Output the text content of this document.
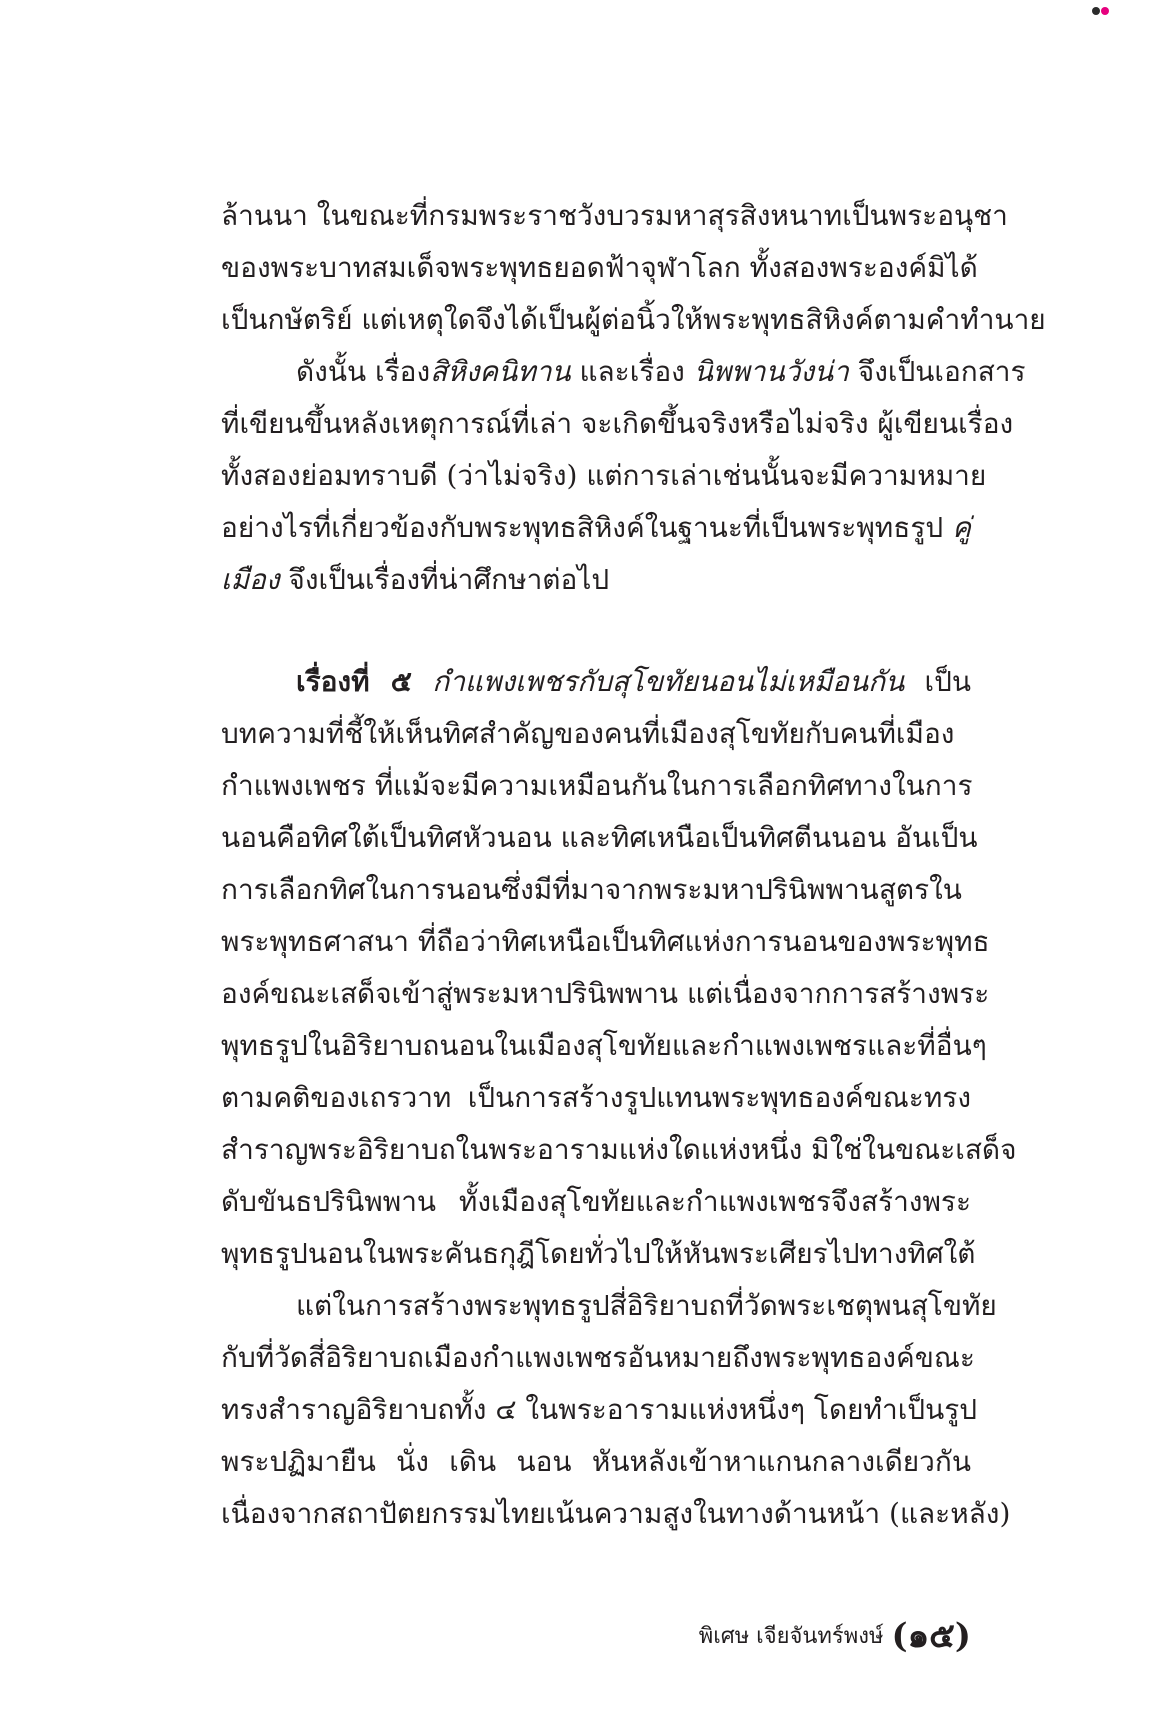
ล้านนา ในขณะที่กรมพระราชวังบวรมหาสุรสิงหนาทเป็นพระอนุชา
ของพระบาทสมเด็จพระพุทธยอดฟ้าจุฬาโลก ทั้งสองพระองค์มิได้
เป็นกษัตริย์ แต่เหตุใดจึงได้เป็นผู้ต่อนิ้วให้พระพุทธสิหิงค์ตามคำทำนาย
ดังนั้น เรื่องสิหิงคนิทาน และเรื่อง นิพพานวังน่า จึงเป็นเอกสาร
ที่เขียนขึ้นหลังเหตุการณ์ที่เล่า จะเกิดขึ้นจริงหรือไม่จริง ผู้เขียนเรื่อง
ทั้งสองย่อมทราบดี (ว่าไม่จริง) แต่การเล่าเช่นนั้นจะมีความหมาย
อย่างไรที่เกี่ยวข้องกับพระพุทธสิหิงค์ในฐานะที่เป็นพระพุทธรูป คู่
เมือง จึงเป็นเรื่องที่น่าศึกษาต่อไป
เรื่องที่ ๕ กำแพงเพชรกับสุโขทัยนอนไม่เหมือนกัน เป็น
บทความที่ชี้ให้เห็นทิศสำคัญของคนที่เมืองสุโขทัยกับคนที่เมือง
กำแพงเพชร ที่แม้จะมีความเหมือนกันในการเลือกทิศทางในการ
นอนคือทิศใต้เป็นทิศหัวนอน และทิศเหนือเป็นทิศตีนนอน อันเป็น
การเลือกทิศในการนอนซึ่งมีที่มาจากพระมหาปรินิพพานสูตรใน
พระพุทธศาสนา ที่ถือว่าทิศเหนือเป็นทิศแห่งการนอนของพระพุทธ
องค์ขณะเสด็จเข้าสู่พระมหาปรินิพพาน แต่เนื่องจากการสร้างพระ
พุทธรูปในอิริยาบถนอนในเมืองสุโขทัยและกำแพงเพชรและที่อื่นๆ
ตามคติของเถรวาท เป็นการสร้างรูปแทนพระพุทธองค์ขณะทรง
สำราญพระอิริยาบถในพระอารามแห่งใดแห่งหนึ่ง มิใช่ในขณะเสด็จ
ดับขันธปรินิพพาน ทั้งเมืองสุโขทัยและกำแพงเพชรจึงสร้างพระ
พุทธรูปนอนในพระคันธกุฎีโดยทั่วไปให้หันพระเศียรไปทางทิศใต้
แต่ในการสร้างพระพุทธรูปสี่อิริยาบถที่วัดพระเชตุพนสุโขทัย
กับที่วัดสี่อิริยาบถเมืองกำแพงเพชรอันหมายถึงพระพุทธองค์ขณะ
ทรงสำราญอิริยาบถทั้ง ๔ ในพระอารามแห่งหนึ่งๆ โดยทำเป็นรูป
พระปฏิมายืน นั่ง เดิน นอน หันหลังเข้าหาแกนกลางเดียวกัน
เนื่องจากสถาปัตยกรรมไทยเน้นความสูงในทางด้านหน้า (และหลัง)
พิเศษ เจียจันทร์พงษ์ (๑๕)
